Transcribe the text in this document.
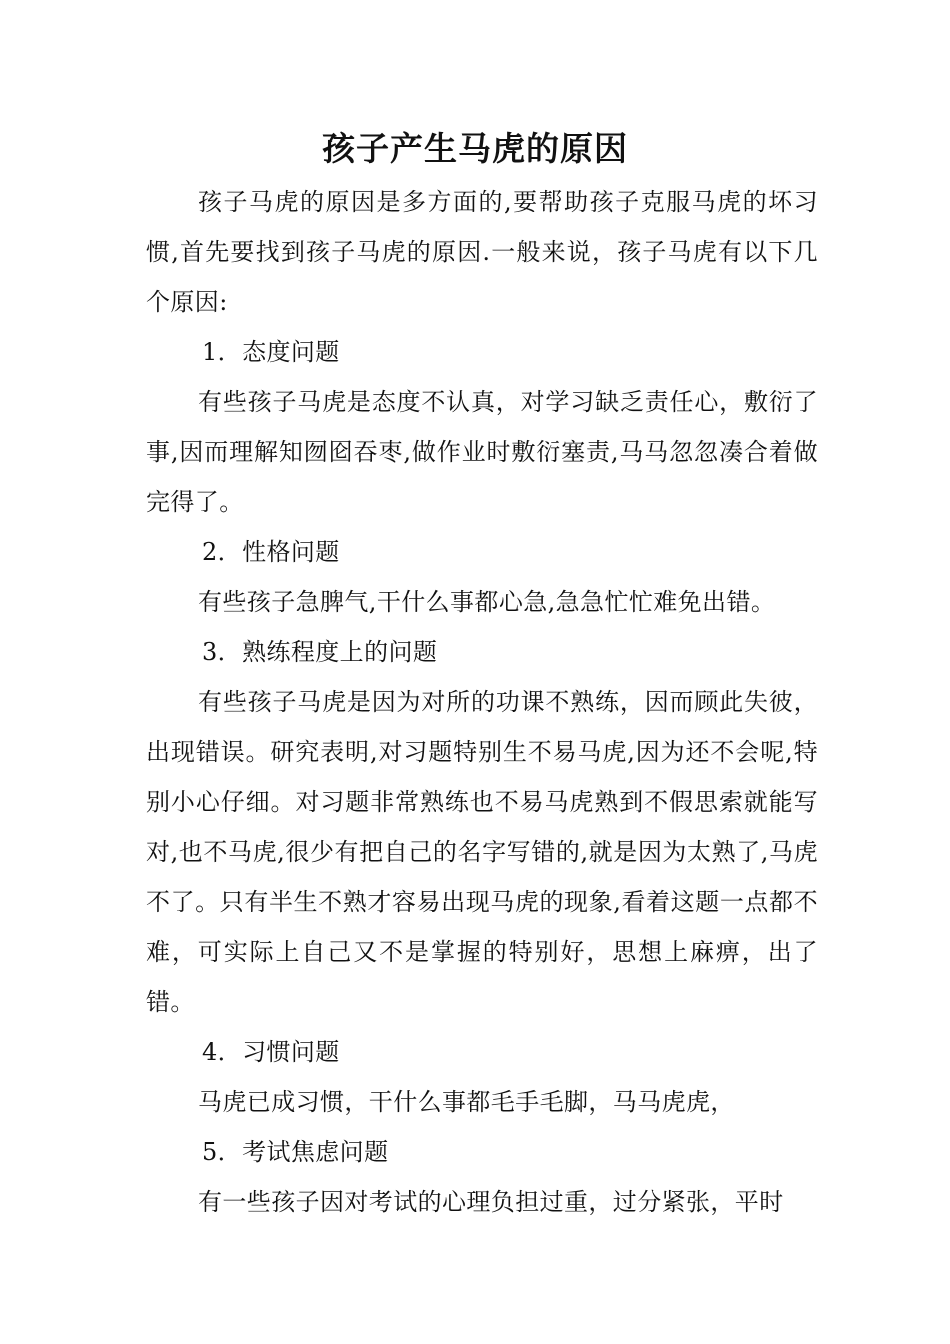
孩子产生马虎的原因

孩子马虎的原因是多方面的,要帮助孩子克服马虎的坏习惯,首先要找到孩子马虎的原因.一般来说，孩子马虎有以下几个原因:

1．态度问题

有些孩子马虎是态度不认真，对学习缺乏责任心，敷衍了事,因而理解知囫囵吞枣,做作业时敷衍塞责,马马忽忽凑合着做完得了。

2．性格问题

有些孩子急脾气,干什么事都心急,急急忙忙难免出错。

3．熟练程度上的问题

有些孩子马虎是因为对所的功课不熟练，因而顾此失彼，出现错误。研究表明,对习题特别生不易马虎,因为还不会呢,特别小心仔细。对习题非常熟练也不易马虎熟到不假思索就能写对,也不马虎,很少有把自己的名字写错的,就是因为太熟了,马虎不了。只有半生不熟才容易出现马虎的现象,看着这题一点都不难，可实际上自己又不是掌握的特别好，思想上麻痹，出了错。

4．习惯问题

马虎已成习惯，干什么事都毛手毛脚，马马虎虎，

5．考试焦虑问题

有一些孩子因对考试的心理负担过重，过分紧张，平时
